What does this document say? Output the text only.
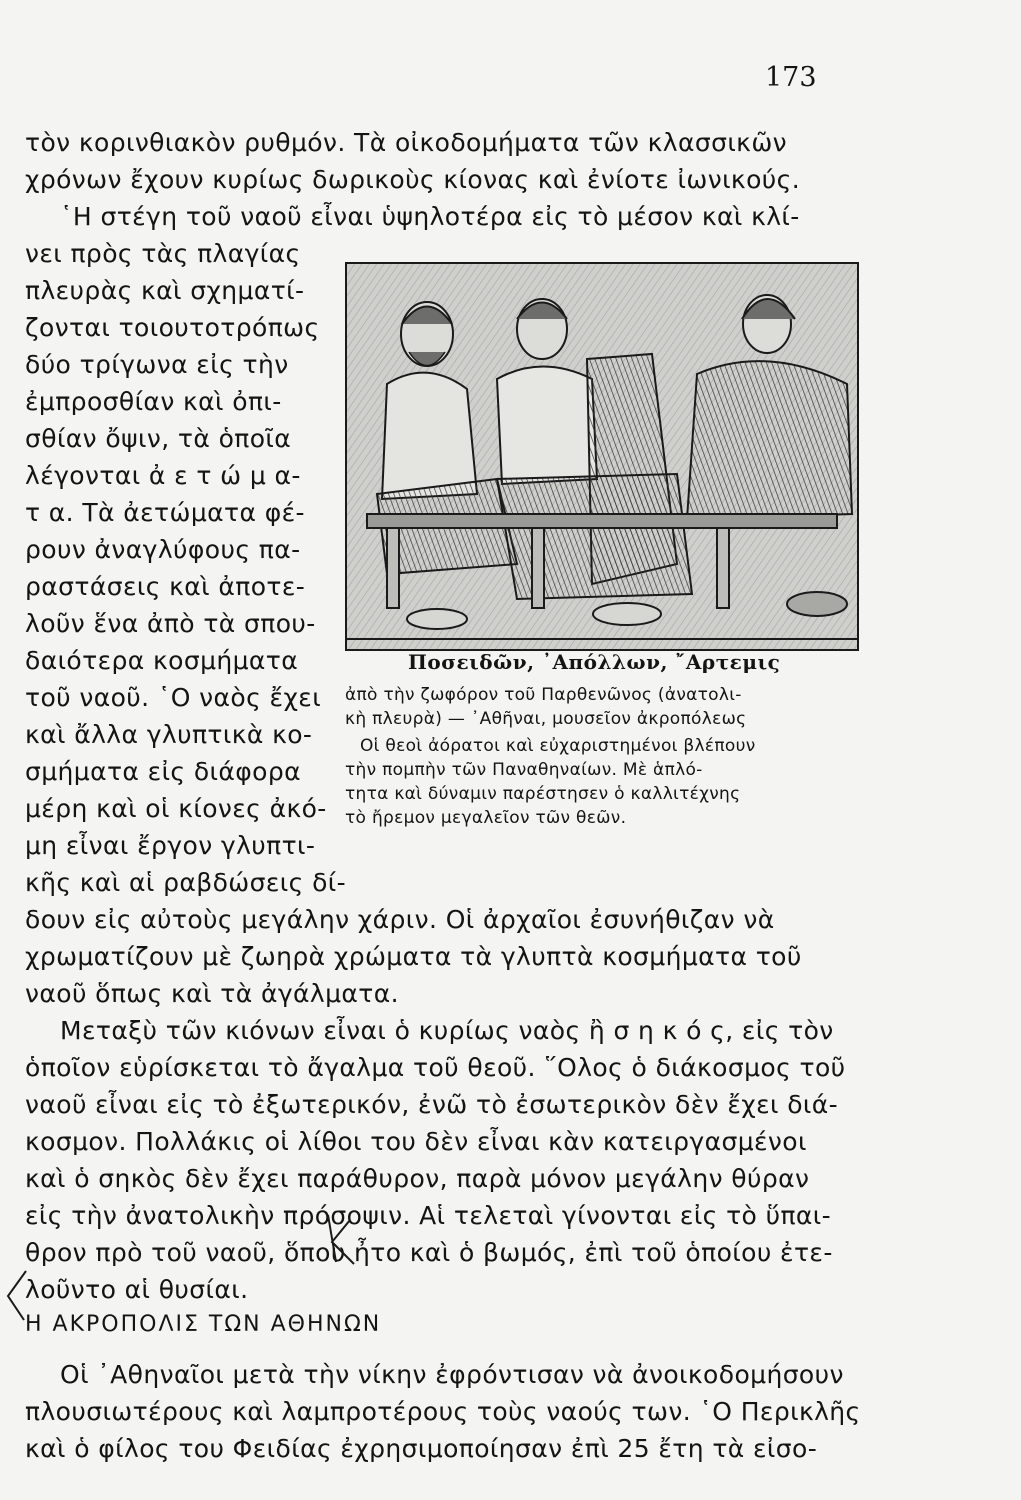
173
τὸν κορινθιακὸν ρυθμόν. Τὰ οἰκοδομήματα τῶν κλασσικῶν
χρόνων ἔχουν κυρίως δωρικοὺς κίονας καὶ ἐνίοτε ἰωνικούς.
῾Η στέγη τοῦ ναοῦ εἶναι ὑψηλοτέρα εἰς τὸ μέσον καὶ κλί-
νει πρὸς τὰς πλαγίας
πλευρὰς καὶ σχηματί-
ζονται τοιουτοτρόπως
δύο τρίγωνα εἰς τὴν
ἐμπροσθίαν καὶ ὀπι-
σθίαν ὄψιν, τὰ ὁποῖα
λέγονται ἀ ε τ ώ μ α-
τ α. Τὰ ἀετώματα φέ-
ρουν ἀναγλύφους πα-
ραστάσεις καὶ ἀποτε-
λοῦν ἕνα ἀπὸ τὰ σπου-
δαιότερα κοσμήματα
τοῦ ναοῦ. ῾Ο ναὸς ἔχει
καὶ ἄλλα γλυπτικὰ κο-
σμήματα εἰς διάφορα
μέρη καὶ οἱ κίονες ἀκό-
μη εἶναι ἔργον γλυπτι-
κῆς καὶ αἱ ραβδώσεις δί-
Ποσειδῶν, ᾿Απόλλων, ῎Αρτεμις
ἀπὸ τὴν ζωφόρον τοῦ Παρθενῶνος (ἀνατολι-
κὴ πλευρὰ) — ᾿Αθῆναι, μουσεῖον ἀκροπόλεως
Οἱ θεοὶ ἀόρατοι καὶ εὐχαριστημένοι βλέπουν
τὴν πομπὴν τῶν Παναθηναίων. Μὲ ἁπλό-
τητα καὶ δύναμιν παρέστησεν ὁ καλλιτέχνης
τὸ ἤρεμον μεγαλεῖον τῶν θεῶν.
δουν εἰς αὐτοὺς μεγάλην χάριν. Οἱ ἀρχαῖοι ἐσυνήθιζαν νὰ
χρωματίζουν μὲ ζωηρὰ χρώματα τὰ γλυπτὰ κοσμήματα τοῦ
ναοῦ ὅπως καὶ τὰ ἀγάλματα.
Μεταξὺ τῶν κιόνων εἶναι ὁ κυρίως ναὸς ἢ σ η κ ό ς, εἰς τὸν
ὁποῖον εὑρίσκεται τὸ ἄγαλμα τοῦ θεοῦ. ῞Ολος ὁ διάκοσμος τοῦ
ναοῦ εἶναι εἰς τὸ ἐξωτερικόν, ἐνῶ τὸ ἐσωτερικὸν δὲν ἔχει διά-
κοσμον. Πολλάκις οἱ λίθοι του δὲν εἶναι κὰν κατειργασμένοι
καὶ ὁ σηκὸς δὲν ἔχει παράθυρον, παρὰ μόνον μεγάλην θύραν
εἰς τὴν ἀνατολικὴν πρόσοψιν. Αἱ τελεταὶ γίνονται εἰς τὸ ὕπαι-
θρον πρὸ τοῦ ναοῦ, ὅπου ἦτο καὶ ὁ βωμός, ἐπὶ τοῦ ὁποίου ἐτε-
λοῦντο αἱ θυσίαι.
Η ΑΚΡΟΠΟΛΙΣ ΤΩΝ ΑΘΗΝΩΝ
Οἱ ᾿Αθηναῖοι μετὰ τὴν νίκην ἐφρόντισαν νὰ ἀνοικοδομήσουν
πλουσιωτέρους καὶ λαμπροτέρους τοὺς ναούς των. ῾Ο Περικλῆς
καὶ ὁ φίλος του Φειδίας ἐχρησιμοποίησαν ἐπὶ 25 ἔτη τὰ εἰσο-
